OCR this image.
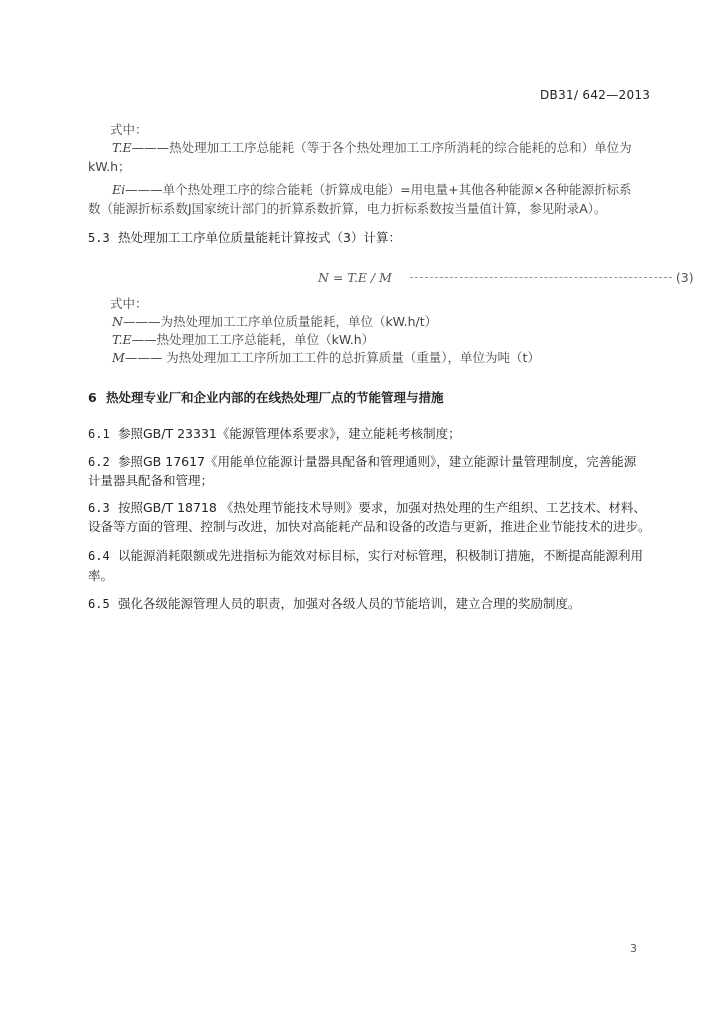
DB31/ 642—2013
式中：
T.E———热处理加工工序总能耗（等于各个热处理加工工序所消耗的综合能耗的总和）单位为
kW.h；
Ei———单个热处理工序的综合能耗（折算成电能）=用电量+其他各种能源×各种能源折标系
数（能源折标系数J国家统计部门的折算系数折算，电力折标系数按当量值计算，参见附录A）。
5.3 热处理加工工序单位质量能耗计算按式（3）计算：
N = T.E / M	(3)
式中：
N———为热处理加工工序单位质量能耗，单位（kW.h/t）
T.E——热处理加工工序总能耗，单位（kW.h）
M——— 为热处理加工工序所加工工件的总折算质量（重量），单位为吨（t）
6 热处理专业厂和企业内部的在线热处理厂点的节能管理与措施
6.1 参照GB/T 23331《能源管理体系要求》，建立能耗考核制度；
6.2 参照GB 17617《用能单位能源计量器具配备和管理通则》，建立能源计量管理制度，完善能源
计量器具配备和管理；
6.3 按照GB/T 18718 《热处理节能技术导则》要求，加强对热处理的生产组织、工艺技术、材料、
设备等方面的管理、控制与改进，加快对高能耗产品和设备的改造与更新，推进企业节能技术的进步。
6.4 以能源消耗限额或先进指标为能效对标目标，实行对标管理，积极制订措施，不断提高能源利用
率。
6.5 强化各级能源管理人员的职责，加强对各级人员的节能培训，建立合理的奖励制度。
3
